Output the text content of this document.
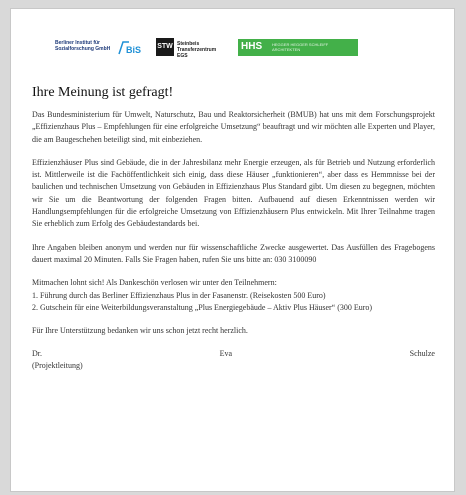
Berliner Institut für Sozialforschung GmbH	BiS STW Steinbeis Transferzentrum EGS
HHS HEGGER HEGGER SCHLEIFF ARCHITEKTEN
Ihre Meinung ist gefragt!

Das Bundesministerium für Umwelt, Naturschutz, Bau und Reaktorsicherheit (BMUB) hat uns mit dem Forschungsprojekt „Effizienzhaus Plus – Empfehlungen für eine erfolgreiche Umsetzung“ beauftragt und wir möchten alle Experten und Player, die am Baugeschehen beteiligt sind, mit einbeziehen.

Effizienzhäuser Plus sind Gebäude, die in der Jahresbilanz mehr Energie erzeugen, als für Betrieb und Nutzung erforderlich ist. Mittlerweile ist die Fachöffentlichkeit sich einig, dass diese Häuser „funktionieren“, aber dass es Hemmnisse bei der baulichen und technischen Umsetzung von Gebäuden in Effizienzhaus Plus Standard gibt. Um diesen zu begegnen, möchten wir Sie um die Beantwortung der folgenden Fragen bitten. Aufbauend auf diesen Erkenntnissen werden wir Handlungsempfehlungen für die erfolgreiche Umsetzung von Effizienzhäusern Plus entwickeln. Mit Ihrer Teilnahme tragen Sie erheblich zum Erfolg des Gebäudestandards bei.

Ihre Angaben bleiben anonym und werden nur für wissenschaftliche Zwecke ausgewertet. Das Ausfüllen des Fragebogens dauert maximal 20 Minuten. Falls Sie Fragen haben, rufen Sie uns bitte an: 030 3100090

Mitmachen lohnt sich! Als Dankeschön verlosen wir unter den Teilnehmern:

1. Führung durch das Berliner Effizienzhaus Plus in der Fasanenstr. (Reisekosten 500 Euro)

2. Gutschein für eine Weiterbildungsveranstaltung „Plus Energiegebäude – Aktiv Plus Häuser“ (300 Euro)

Für Ihre Unterstützung bedanken wir uns schon jetzt recht herzlich.

Dr.	Eva	Schulze

(Projektleitung)
